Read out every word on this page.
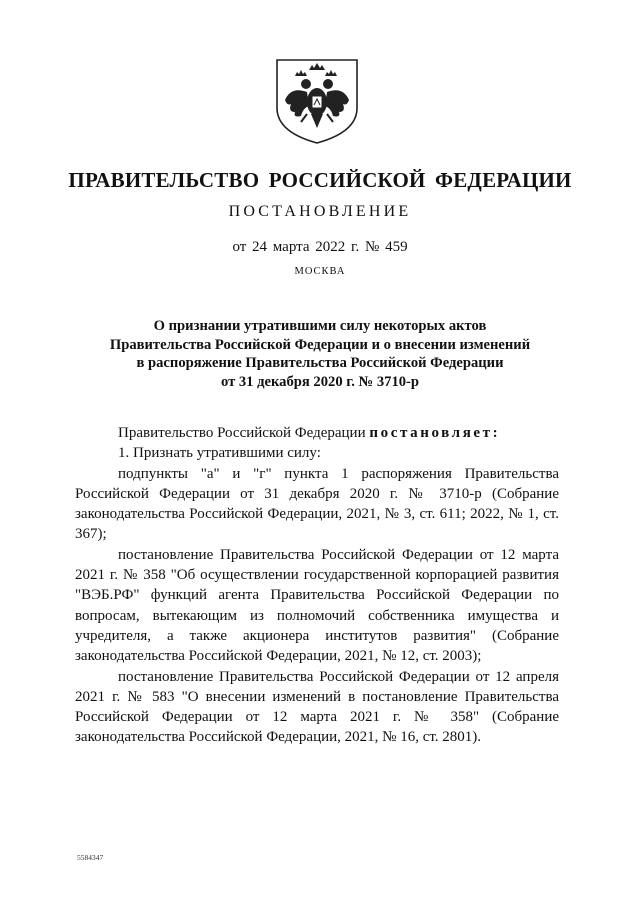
ПРАВИТЕЛЬСТВО РОССИЙСКОЙ ФЕДЕРАЦИИ
ПОСТАНОВЛЕНИЕ
от 24 марта 2022 г. № 459
МОСКВА
О признании утратившими силу некоторых актов
Правительства Российской Федерации и о внесении изменений
в распоряжение Правительства Российской Федерации
от 31 декабря 2020 г. № 3710-р

Правительство Российской Федерации постановляет:

1. Признать утратившими силу:

подпункты "а" и "г" пункта 1 распоряжения Правительства Российской Федерации от 31 декабря 2020 г. № 3710-р (Собрание законодательства Российской Федерации, 2021, № 3, ст. 611; 2022, № 1, ст. 367);

постановление Правительства Российской Федерации от 12 марта 2021 г. № 358 "Об осуществлении государственной корпорацией развития "ВЭБ.РФ" функций агента Правительства Российской Федерации по вопросам, вытекающим из полномочий собственника имущества и учредителя, а также акционера институтов развития" (Собрание законодательства Российской Федерации, 2021, № 12, ст. 2003);

постановление Правительства Российской Федерации от 12 апреля 2021 г. № 583 "О внесении изменений в постановление Правительства Российской Федерации от 12 марта 2021 г. № 358" (Собрание законодательства Российской Федерации, 2021, № 16, ст. 2801).

5584347
